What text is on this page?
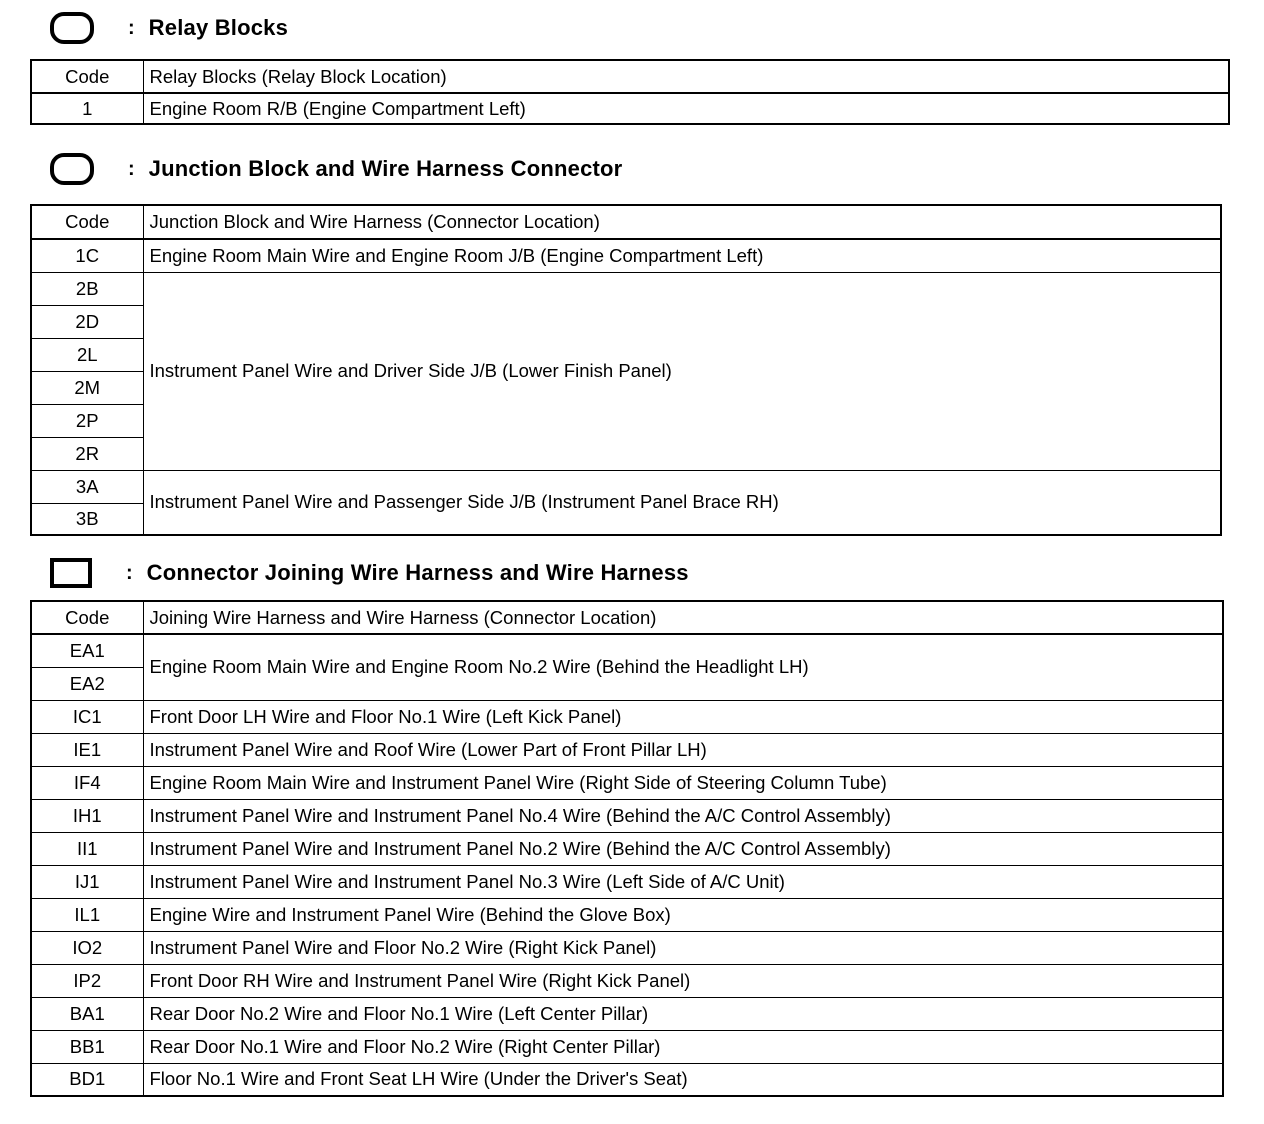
: Relay Blocks
Code	Relay Blocks (Relay Block Location)
1	Engine Room R/B (Engine Compartment Left)
: Junction Block and Wire Harness Connector
Code	Junction Block and Wire Harness (Connector Location)
1C	Engine Room Main Wire and Engine Room J/B (Engine Compartment Left)
2B	Instrument Panel Wire and Driver Side J/B (Lower Finish Panel)
2D	
2L	
2M	
2P	
2R	
3A	Instrument Panel Wire and Passenger Side J/B (Instrument Panel Brace RH)
3B	
: Connector Joining Wire Harness and Wire Harness
Code	Joining Wire Harness and Wire Harness (Connector Location)
EA1	Engine Room Main Wire and Engine Room No.2 Wire (Behind the Headlight LH)
EA2	
IC1	Front Door LH Wire and Floor No.1 Wire (Left Kick Panel)
IE1	Instrument Panel Wire and Roof Wire (Lower Part of Front Pillar LH)
IF4	Engine Room Main Wire and Instrument Panel Wire (Right Side of Steering Column Tube)
IH1	Instrument Panel Wire and Instrument Panel No.4 Wire (Behind the A/C Control Assembly)
II1	Instrument Panel Wire and Instrument Panel No.2 Wire (Behind the A/C Control Assembly)
IJ1	Instrument Panel Wire and Instrument Panel No.3 Wire (Left Side of A/C Unit)
IL1	Engine Wire and Instrument Panel Wire (Behind the Glove Box)
IO2	Instrument Panel Wire and Floor No.2 Wire (Right Kick Panel)
IP2	Front Door RH Wire and Instrument Panel Wire (Right Kick Panel)
BA1	Rear Door No.2 Wire and Floor No.1 Wire (Left Center Pillar)
BB1	Rear Door No.1 Wire and Floor No.2 Wire (Right Center Pillar)
BD1	Floor No.1 Wire and Front Seat LH Wire (Under the Driver's Seat)
